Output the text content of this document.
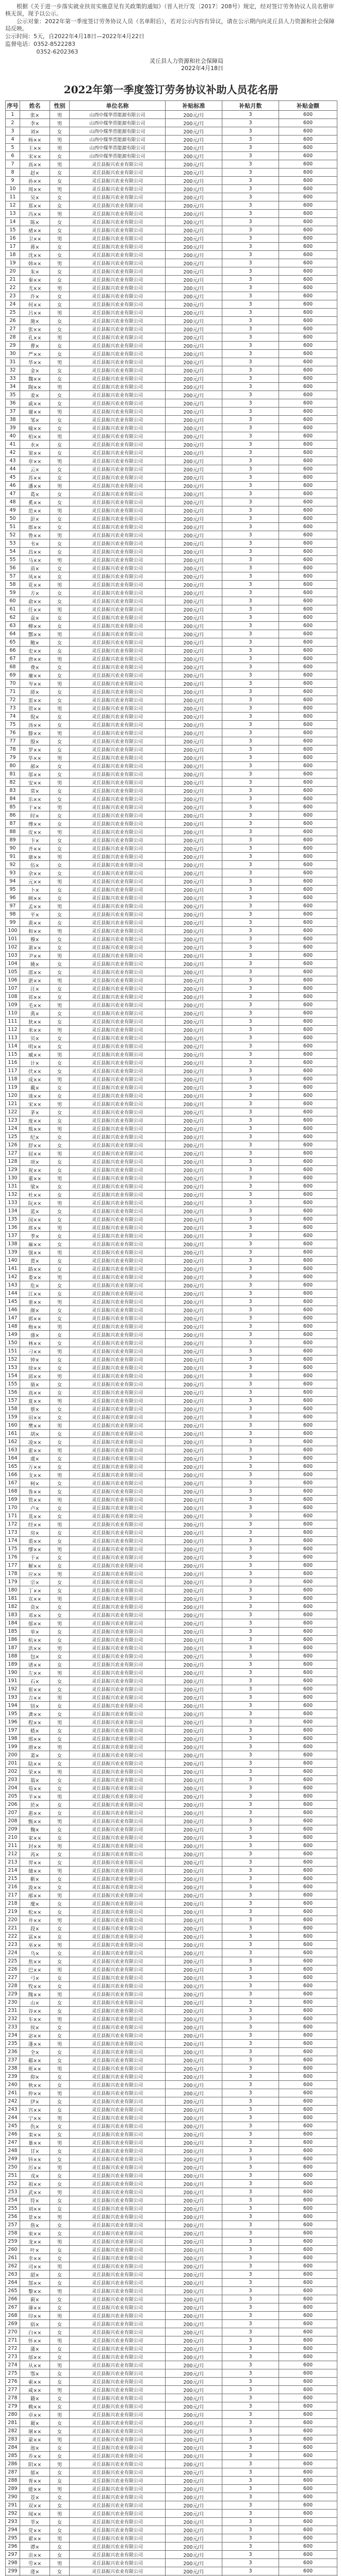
根据《关于进一步落实就业扶贫实施意见有关政策的通知》（晋人社厅发〔2017〕208号）规定，经对签订劳务协议人员名册审核无误，现予以公示。

公示对象：2022年第一季度签订劳务协议人员（名单附后），若对公示内容有异议，请在公示期内向灵丘县人力资源和社会保障局反映。

公示时间：5天，自2022年4月18日—2022年4月22日

监督电话：0352-8522283

0352-6202363

灵丘县人力资源和社会保障局
2022年4月18日
2022年第一季度签订劳务协议补助人员花名册
序号	姓名	性别	单位名称	补贴标准	补贴月数	补贴金额
1	张×	男	山西中煤华晋能源有限公司	200元/月	3	600
2	李×	男	山西中煤华晋能源有限公司	200元/月	3	600
3	刘×	女	山西中煤华晋能源有限公司	200元/月	3	600
4	杨××	男	山西中煤华晋能源有限公司	200元/月	3	600
5	王××	男	山西中煤华晋能源有限公司	200元/月	3	600
6	宋××	女	山西中煤华晋能源有限公司	200元/月	3	600
7	高××	男	灵丘县振兴农业有限公司	200元/月	3	600
8	赵×	女	灵丘县振兴农业有限公司	200元/月	3	600
9	孙××	女	灵丘县振兴农业有限公司	200元/月	3	600
10	周××	男	灵丘县振兴农业有限公司	200元/月	3	600
11	吴×	女	灵丘县振兴农业有限公司	200元/月	3	600
12	郑××	女	灵丘县振兴农业有限公司	200元/月	3	600
13	冯××	男	灵丘县振兴农业有限公司	200元/月	3	600
14	陈×	女	灵丘县振兴农业有限公司	200元/月	3	600
15	褚××	女	灵丘县振兴农业有限公司	200元/月	3	600
16	卫××	男	灵丘县振兴农业有限公司	200元/月	3	600
17	蒋×	女	灵丘县振兴农业有限公司	200元/月	3	600
18	沈××	女	灵丘县振兴农业有限公司	200元/月	3	600
19	韩××	男	灵丘县振兴农业有限公司	200元/月	3	600
20	朱×	女	灵丘县振兴农业有限公司	200元/月	3	600
21	秦××	女	灵丘县振兴农业有限公司	200元/月	3	600
22	尤××	男	灵丘县振兴农业有限公司	200元/月	3	600
23	许×	女	灵丘县振兴农业有限公司	200元/月	3	600
24	何××	女	灵丘县振兴农业有限公司	200元/月	3	600
25	吕××	男	灵丘县振兴农业有限公司	200元/月	3	600
26	施×	女	灵丘县振兴农业有限公司	200元/月	3	600
27	张××	女	灵丘县振兴农业有限公司	200元/月	3	600
28	孔××	男	灵丘县振兴农业有限公司	200元/月	3	600
29	曹×	女	灵丘县振兴农业有限公司	200元/月	3	600
30	严××	女	灵丘县振兴农业有限公司	200元/月	3	600
31	华××	男	灵丘县振兴农业有限公司	200元/月	3	600
32	金×	女	灵丘县振兴农业有限公司	200元/月	3	600
33	魏××	女	灵丘县振兴农业有限公司	200元/月	3	600
34	陶××	男	灵丘县振兴农业有限公司	200元/月	3	600
35	姜×	女	灵丘县振兴农业有限公司	200元/月	3	600
36	戚××	女	灵丘县振兴农业有限公司	200元/月	3	600
37	谢××	男	灵丘县振兴农业有限公司	200元/月	3	600
38	邹×	女	灵丘县振兴农业有限公司	200元/月	3	600
39	喻××	女	灵丘县振兴农业有限公司	200元/月	3	600
40	柏××	男	灵丘县振兴农业有限公司	200元/月	3	600
41	水×	女	灵丘县振兴农业有限公司	200元/月	3	600
42	窦××	女	灵丘县振兴农业有限公司	200元/月	3	600
43	章××	男	灵丘县振兴农业有限公司	200元/月	3	600
44	云×	女	灵丘县振兴农业有限公司	200元/月	3	600
45	苏××	女	灵丘县振兴农业有限公司	200元/月	3	600
46	潘××	男	灵丘县振兴农业有限公司	200元/月	3	600
47	葛×	女	灵丘县振兴农业有限公司	200元/月	3	600
48	奚××	女	灵丘县振兴农业有限公司	200元/月	3	600
49	范××	男	灵丘县振兴农业有限公司	200元/月	3	600
50	彭×	女	灵丘县振兴农业有限公司	200元/月	3	600
51	郎××	女	灵丘县振兴农业有限公司	200元/月	3	600
52	鲁××	男	灵丘县振兴农业有限公司	200元/月	3	600
53	韦×	女	灵丘县振兴农业有限公司	200元/月	3	600
54	昌××	女	灵丘县振兴农业有限公司	200元/月	3	600
55	马××	男	灵丘县振兴农业有限公司	200元/月	3	600
56	苗×	女	灵丘县振兴农业有限公司	200元/月	3	600
57	凤××	女	灵丘县振兴农业有限公司	200元/月	3	600
58	花××	男	灵丘县振兴农业有限公司	200元/月	3	600
59	方×	女	灵丘县振兴农业有限公司	200元/月	3	600
60	俞××	女	灵丘县振兴农业有限公司	200元/月	3	600
61	任××	男	灵丘县振兴农业有限公司	200元/月	3	600
62	袁×	女	灵丘县振兴农业有限公司	200元/月	3	600
63	柳××	女	灵丘县振兴农业有限公司	200元/月	3	600
64	酆××	男	灵丘县振兴农业有限公司	200元/月	3	600
65	鲍×	女	灵丘县振兴农业有限公司	200元/月	3	600
66	史××	女	灵丘县振兴农业有限公司	200元/月	3	600
67	唐××	男	灵丘县振兴农业有限公司	200元/月	3	600
68	费×	女	灵丘县振兴农业有限公司	200元/月	3	600
69	廉××	女	灵丘县振兴农业有限公司	200元/月	3	600
70	岑××	男	灵丘县振兴农业有限公司	200元/月	3	600
71	薛×	女	灵丘县振兴农业有限公司	200元/月	3	600
72	雷××	女	灵丘县振兴农业有限公司	200元/月	3	600
73	贺××	男	灵丘县振兴农业有限公司	200元/月	3	600
74	倪×	女	灵丘县振兴农业有限公司	200元/月	3	600
75	汤××	女	灵丘县振兴农业有限公司	200元/月	3	600
76	滕××	男	灵丘县振兴农业有限公司	200元/月	3	600
77	殷×	女	灵丘县振兴农业有限公司	200元/月	3	600
78	罗××	女	灵丘县振兴农业有限公司	200元/月	3	600
79	毕××	男	灵丘县振兴农业有限公司	200元/月	3	600
80	郝×	女	灵丘县振兴农业有限公司	200元/月	3	600
81	邬××	女	灵丘县振兴农业有限公司	200元/月	3	600
82	安××	男	灵丘县振兴农业有限公司	200元/月	3	600
83	常×	女	灵丘县振兴农业有限公司	200元/月	3	600
84	乐××	女	灵丘县振兴农业有限公司	200元/月	3	600
85	于××	男	灵丘县振兴农业有限公司	200元/月	3	600
86	时×	女	灵丘县振兴农业有限公司	200元/月	3	600
87	傅××	女	灵丘县振兴农业有限公司	200元/月	3	600
88	皮××	男	灵丘县振兴农业有限公司	200元/月	3	600
89	卞×	女	灵丘县振兴农业有限公司	200元/月	3	600
90	齐××	女	灵丘县振兴农业有限公司	200元/月	3	600
91	康××	男	灵丘县振兴农业有限公司	200元/月	3	600
92	伍×	女	灵丘县振兴农业有限公司	200元/月	3	600
93	余××	女	灵丘县振兴农业有限公司	200元/月	3	600
94	元××	男	灵丘县振兴农业有限公司	200元/月	3	600
95	卜×	女	灵丘县振兴农业有限公司	200元/月	3	600
96	顾××	女	灵丘县振兴农业有限公司	200元/月	3	600
97	孟××	男	灵丘县振兴农业有限公司	200元/月	3	600
98	平×	女	灵丘县振兴农业有限公司	200元/月	3	600
99	黄××	女	灵丘县振兴农业有限公司	200元/月	3	600
100	和××	男	灵丘县振兴农业有限公司	200元/月	3	600
101	穆×	女	灵丘县振兴农业有限公司	200元/月	3	600
102	萧××	女	灵丘县振兴农业有限公司	200元/月	3	600
103	尹××	男	灵丘县振兴农业有限公司	200元/月	3	600
104	姚×	女	灵丘县振兴农业有限公司	200元/月	3	600
105	邵××	女	灵丘县振兴农业有限公司	200元/月	3	600
106	湛××	男	灵丘县振兴农业有限公司	200元/月	3	600
107	汪×	女	灵丘县振兴农业有限公司	200元/月	3	600
108	祁××	女	灵丘县振兴农业有限公司	200元/月	3	600
109	毛××	男	灵丘县振兴农业有限公司	200元/月	3	600
110	禹×	女	灵丘县振兴农业有限公司	200元/月	3	600
111	狄××	女	灵丘县振兴农业有限公司	200元/月	3	600
112	米××	男	灵丘县振兴农业有限公司	200元/月	3	600
113	贝×	女	灵丘县振兴农业有限公司	200元/月	3	600
114	明××	女	灵丘县振兴农业有限公司	200元/月	3	600
115	臧××	男	灵丘县振兴农业有限公司	200元/月	3	600
116	计×	女	灵丘县振兴农业有限公司	200元/月	3	600
117	伏××	女	灵丘县振兴农业有限公司	200元/月	3	600
118	成××	男	灵丘县振兴农业有限公司	200元/月	3	600
119	戴×	女	灵丘县振兴农业有限公司	200元/月	3	600
120	谈××	女	灵丘县振兴农业有限公司	200元/月	3	600
121	宋××	男	灵丘县振兴农业有限公司	200元/月	3	600
122	茅×	女	灵丘县振兴农业有限公司	200元/月	3	600
123	庞××	女	灵丘县振兴农业有限公司	200元/月	3	600
124	熊××	男	灵丘县振兴农业有限公司	200元/月	3	600
125	纪×	女	灵丘县振兴农业有限公司	200元/月	3	600
126	舒××	女	灵丘县振兴农业有限公司	200元/月	3	600
127	屈××	男	灵丘县振兴农业有限公司	200元/月	3	600
128	项×	女	灵丘县振兴农业有限公司	200元/月	3	600
129	祝××	女	灵丘县振兴农业有限公司	200元/月	3	600
130	董××	男	灵丘县振兴农业有限公司	200元/月	3	600
131	梁×	女	灵丘县振兴农业有限公司	200元/月	3	600
132	杜××	女	灵丘县振兴农业有限公司	200元/月	3	600
133	阮××	男	灵丘县振兴农业有限公司	200元/月	3	600
134	蓝×	女	灵丘县振兴农业有限公司	200元/月	3	600
135	闵××	女	灵丘县振兴农业有限公司	200元/月	3	600
136	席××	男	灵丘县振兴农业有限公司	200元/月	3	600
137	季×	女	灵丘县振兴农业有限公司	200元/月	3	600
138	麻××	女	灵丘县振兴农业有限公司	200元/月	3	600
139	强××	男	灵丘县振兴农业有限公司	200元/月	3	600
140	贾×	女	灵丘县振兴农业有限公司	200元/月	3	600
141	路××	女	灵丘县振兴农业有限公司	200元/月	3	600
142	娄××	男	灵丘县振兴农业有限公司	200元/月	3	600
143	危×	女	灵丘县振兴农业有限公司	200元/月	3	600
144	江××	女	灵丘县振兴农业有限公司	200元/月	3	600
145	童××	男	灵丘县振兴农业有限公司	200元/月	3	600
146	颜×	女	灵丘县振兴农业有限公司	200元/月	3	600
147	郭××	女	灵丘县振兴农业有限公司	200元/月	3	600
148	梅××	男	灵丘县振兴农业有限公司	200元/月	3	600
149	盛×	女	灵丘县振兴农业有限公司	200元/月	3	600
150	林××	女	灵丘县振兴农业有限公司	200元/月	3	600
151	刁××	男	灵丘县振兴农业有限公司	200元/月	3	600
152	钟×	女	灵丘县振兴农业有限公司	200元/月	3	600
153	徐××	女	灵丘县振兴农业有限公司	200元/月	3	600
154	邱××	男	灵丘县振兴农业有限公司	200元/月	3	600
155	骆×	女	灵丘县振兴农业有限公司	200元/月	3	600
156	高××	女	灵丘县振兴农业有限公司	200元/月	3	600
157	夏××	男	灵丘县振兴农业有限公司	200元/月	3	600
158	蔡×	女	灵丘县振兴农业有限公司	200元/月	3	600
159	田××	女	灵丘县振兴农业有限公司	200元/月	3	600
160	樊××	男	灵丘县振兴农业有限公司	200元/月	3	600
161	胡×	女	灵丘县振兴农业有限公司	200元/月	3	600
162	凌××	女	灵丘县振兴农业有限公司	200元/月	3	600
163	霍××	男	灵丘县振兴农业有限公司	200元/月	3	600
164	虞×	女	灵丘县振兴农业有限公司	200元/月	3	600
165	万××	女	灵丘县振兴农业有限公司	200元/月	3	600
166	支××	男	灵丘县振兴农业有限公司	200元/月	3	600
167	柯×	女	灵丘县振兴农业有限公司	200元/月	3	600
168	昝××	女	灵丘县振兴农业有限公司	200元/月	3	600
169	管××	男	灵丘县振兴农业有限公司	200元/月	3	600
170	卢×	女	灵丘县振兴农业有限公司	200元/月	3	600
171	莫××	女	灵丘县振兴农业有限公司	200元/月	3	600
172	经××	男	灵丘县振兴农业有限公司	200元/月	3	600
173	房×	女	灵丘县振兴农业有限公司	200元/月	3	600
174	裘××	女	灵丘县振兴农业有限公司	200元/月	3	600
175	缪××	男	灵丘县振兴农业有限公司	200元/月	3	600
176	干×	女	灵丘县振兴农业有限公司	200元/月	3	600
177	解××	女	灵丘县振兴农业有限公司	200元/月	3	600
178	应××	男	灵丘县振兴农业有限公司	200元/月	3	600
179	宗×	女	灵丘县振兴农业有限公司	200元/月	3	600
180	丁××	女	灵丘县振兴农业有限公司	200元/月	3	600
181	宣××	男	灵丘县振兴农业有限公司	200元/月	3	600
182	贲×	女	灵丘县振兴农业有限公司	200元/月	3	600
183	邓××	女	灵丘县振兴农业有限公司	200元/月	3	600
184	郁××	男	灵丘县振兴农业有限公司	200元/月	3	600
185	单×	女	灵丘县振兴农业有限公司	200元/月	3	600
186	杭××	女	灵丘县振兴农业有限公司	200元/月	3	600
187	洪××	男	灵丘县振兴农业有限公司	200元/月	3	600
188	包×	女	灵丘县振兴农业有限公司	200元/月	3	600
189	诸××	女	灵丘县振兴农业有限公司	200元/月	3	600
190	左××	男	灵丘县振兴农业有限公司	200元/月	3	600
191	石×	女	灵丘县振兴农业有限公司	200元/月	3	600
192	崔××	女	灵丘县振兴农业有限公司	200元/月	3	600
193	吉××	男	灵丘县振兴农业有限公司	200元/月	3	600
194	钮×	女	灵丘县振兴农业有限公司	200元/月	3	600
195	龚××	女	灵丘县振兴农业有限公司	200元/月	3	600
196	程××	男	灵丘县振兴农业有限公司	200元/月	3	600
197	嵇×	女	灵丘县振兴农业有限公司	200元/月	3	600
198	邢××	女	灵丘县振兴农业有限公司	200元/月	3	600
199	滑××	男	灵丘县振兴农业有限公司	200元/月	3	600
200	裴×	女	灵丘县振兴农业有限公司	200元/月	3	600
201	陆××	女	灵丘县振兴农业有限公司	200元/月	3	600
202	荣××	男	灵丘县振兴农业有限公司	200元/月	3	600
203	翁×	女	灵丘县振兴农业有限公司	200元/月	3	600
204	荀××	女	灵丘县振兴农业有限公司	200元/月	3	600
205	羊××	男	灵丘县振兴农业有限公司	200元/月	3	600
206	於×	女	灵丘县振兴农业有限公司	200元/月	3	600
207	惠××	女	灵丘县振兴农业有限公司	200元/月	3	600
208	甄××	男	灵丘县振兴农业有限公司	200元/月	3	600
209	麴×	女	灵丘县振兴农业有限公司	200元/月	3	600
210	家××	女	灵丘县振兴农业有限公司	200元/月	3	600
211	封××	男	灵丘县振兴农业有限公司	200元/月	3	600
212	芮×	女	灵丘县振兴农业有限公司	200元/月	3	600
213	羿××	女	灵丘县振兴农业有限公司	200元/月	3	600
214	储××	男	灵丘县振兴农业有限公司	200元/月	3	600
215	靳×	女	灵丘县振兴农业有限公司	200元/月	3	600
216	汲××	女	灵丘县振兴农业有限公司	200元/月	3	600
217	邴××	男	灵丘县振兴农业有限公司	200元/月	3	600
218	糜×	女	灵丘县振兴农业有限公司	200元/月	3	600
219	松××	女	灵丘县振兴农业有限公司	200元/月	3	600
220	井××	男	灵丘县振兴农业有限公司	200元/月	3	600
221	段×	女	灵丘县振兴农业有限公司	200元/月	3	600
222	富××	女	灵丘县振兴农业有限公司	200元/月	3	600
223	巫××	男	灵丘县振兴农业有限公司	200元/月	3	600
224	乌×	女	灵丘县振兴农业有限公司	200元/月	3	600
225	焦××	女	灵丘县振兴农业有限公司	200元/月	3	600
226	巴××	男	灵丘县振兴农业有限公司	200元/月	3	600
227	弓×	女	灵丘县振兴农业有限公司	200元/月	3	600
228	牧××	女	灵丘县振兴农业有限公司	200元/月	3	600
229	隗××	男	灵丘县振兴农业有限公司	200元/月	3	600
230	山×	女	灵丘县振兴农业有限公司	200元/月	3	600
231	谷××	女	灵丘县振兴农业有限公司	200元/月	3	600
232	车××	男	灵丘县振兴农业有限公司	200元/月	3	600
233	侯×	女	灵丘县振兴农业有限公司	200元/月	3	600
234	宓××	女	灵丘县振兴农业有限公司	200元/月	3	600
235	蓬××	男	灵丘县振兴农业有限公司	200元/月	3	600
236	全×	女	灵丘县振兴农业有限公司	200元/月	3	600
237	郗××	女	灵丘县振兴农业有限公司	200元/月	3	600
238	班××	男	灵丘县振兴农业有限公司	200元/月	3	600
239	仰×	女	灵丘县振兴农业有限公司	200元/月	3	600
240	秋××	女	灵丘县振兴农业有限公司	200元/月	3	600
241	仲××	男	灵丘县振兴农业有限公司	200元/月	3	600
242	伊×	女	灵丘县振兴农业有限公司	200元/月	3	600
243	宫××	女	灵丘县振兴农业有限公司	200元/月	3	600
244	宁××	男	灵丘县振兴农业有限公司	200元/月	3	600
245	仇×	女	灵丘县振兴农业有限公司	200元/月	3	600
246	栾××	女	灵丘县振兴农业有限公司	200元/月	3	600
247	暴××	男	灵丘县振兴农业有限公司	200元/月	3	600
248	甘×	女	灵丘县振兴农业有限公司	200元/月	3	600
249	钭××	女	灵丘县振兴农业有限公司	200元/月	3	600
250	厉××	男	灵丘县振兴农业有限公司	200元/月	3	600
251	戎×	女	灵丘县振兴农业有限公司	200元/月	3	600
252	祖××	女	灵丘县振兴农业有限公司	200元/月	3	600
253	武××	男	灵丘县振兴农业有限公司	200元/月	3	600
254	符×	女	灵丘县振兴农业有限公司	200元/月	3	600
255	刘××	女	灵丘县振兴农业有限公司	200元/月	3	600
256	景××	男	灵丘县振兴农业有限公司	200元/月	3	600
257	詹×	女	灵丘县振兴农业有限公司	200元/月	3	600
258	束××	女	灵丘县振兴农业有限公司	200元/月	3	600
259	龙××	男	灵丘县振兴农业有限公司	200元/月	3	600
260	叶×	女	灵丘县振兴农业有限公司	200元/月	3	600
261	幸××	女	灵丘县振兴农业有限公司	200元/月	3	600
262	司××	男	灵丘县振兴农业有限公司	200元/月	3	600
263	韶×	女	灵丘县振兴农业有限公司	200元/月	3	600
264	郜××	女	灵丘县振兴农业有限公司	200元/月	3	600
265	黎××	男	灵丘县振兴农业有限公司	200元/月	3	600
266	蓟×	女	灵丘县振兴农业有限公司	200元/月	3	600
267	薄××	女	灵丘县振兴农业有限公司	200元/月	3	600
268	印××	男	灵丘县振兴农业有限公司	200元/月	3	600
269	宿×	女	灵丘县振兴农业有限公司	200元/月	3	600
270	白××	女	灵丘县振兴农业有限公司	200元/月	3	600
271	怀××	男	灵丘县振兴农业有限公司	200元/月	3	600
272	蒲×	女	灵丘县振兴农业有限公司	200元/月	3	600
273	邰××	女	灵丘县振兴农业有限公司	200元/月	3	600
274	从××	男	灵丘县振兴农业有限公司	200元/月	3	600
275	鄂×	女	灵丘县振兴农业有限公司	200元/月	3	600
276	索××	女	灵丘县振兴农业有限公司	200元/月	3	600
277	咸××	男	灵丘县振兴农业有限公司	200元/月	3	600
278	籍×	女	灵丘县振兴农业有限公司	200元/月	3	600
279	赖××	女	灵丘县振兴农业有限公司	200元/月	3	600
280	卓××	男	灵丘县振兴农业有限公司	200元/月	3	600
281	蔺×	女	灵丘县振兴农业有限公司	200元/月	3	600
282	屠××	女	灵丘县振兴农业有限公司	200元/月	3	600
283	蒙××	男	灵丘县振兴农业有限公司	200元/月	3	600
284	池×	女	灵丘县振兴农业有限公司	200元/月	3	600
285	乔××	女	灵丘县振兴农业有限公司	200元/月	3	600
286	阴××	男	灵丘县振兴农业有限公司	200元/月	3	600
287	郁×	女	灵丘县振兴农业有限公司	200元/月	3	600
288	胥××	女	灵丘县振兴农业有限公司	200元/月	3	600
289	能××	男	灵丘县振兴农业有限公司	200元/月	3	600
290	苍×	女	灵丘县振兴农业有限公司	200元/月	3	600
291	双××	女	灵丘县振兴农业有限公司	200元/月	3	600
292	闻××	男	灵丘县振兴农业有限公司	200元/月	3	600
293	莘×	女	灵丘县振兴农业有限公司	200元/月	3	600
294	党××	女	灵丘县振兴农业有限公司	200元/月	3	600
295	翟××	男	灵丘县振兴农业有限公司	200元/月	3	600
296	谭×	女	灵丘县振兴农业有限公司	200元/月	3	600
297	贡××	女	灵丘县振兴农业有限公司	200元/月	3	600
298	劳××	男	灵丘县振兴农业有限公司	200元/月	3	600
299	逄×	女	灵丘县振兴农业有限公司	200元/月	3	600
